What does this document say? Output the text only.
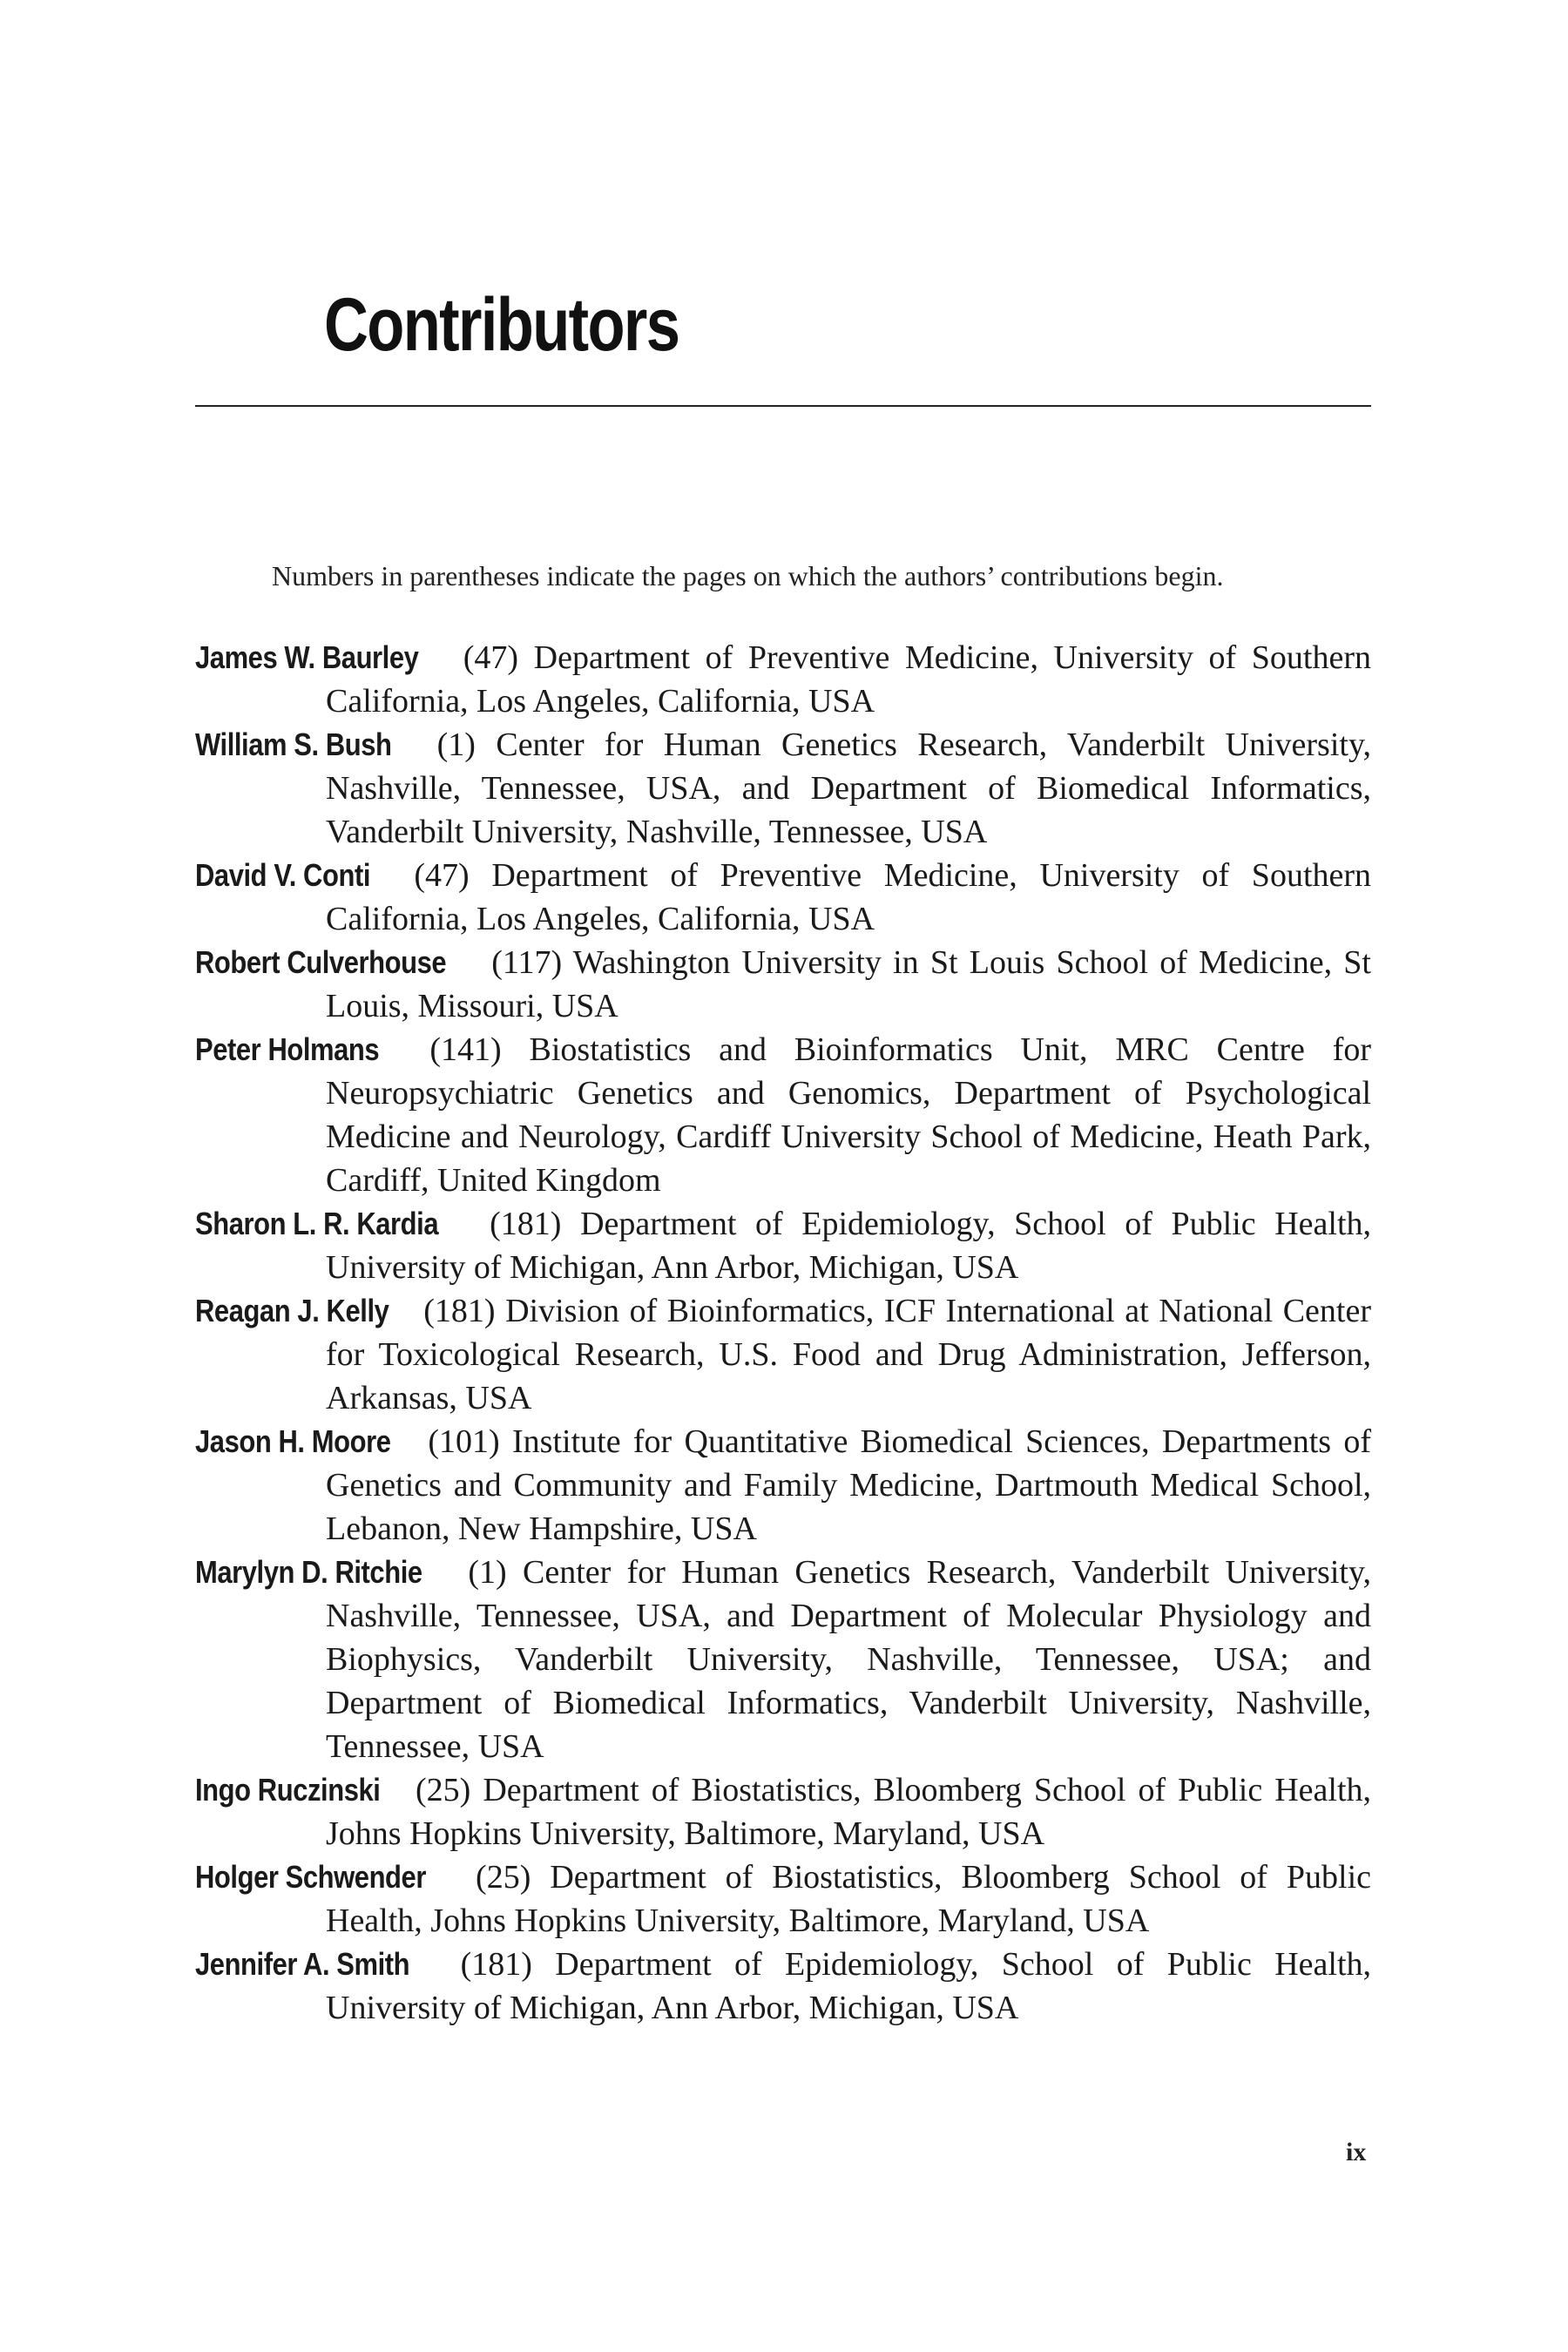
Contributors

Numbers in parentheses indicate the pages on which the authors’ contributions begin.

James W. Baurley (47) Department of Preventive Medicine, University of Southern California, Los Angeles, California, USA
William S. Bush (1) Center for Human Genetics Research, Vanderbilt University, Nashville, Tennessee, USA, and Department of Biomedical Informatics, Vanderbilt University, Nashville, Tennessee, USA
David V. Conti (47) Department of Preventive Medicine, University of Southern California, Los Angeles, California, USA
Robert Culverhouse (117) Washington University in St Louis School of Medicine, St Louis, Missouri, USA
Peter Holmans (141) Biostatistics and Bioinformatics Unit, MRC Centre for Neuropsychiatric Genetics and Genomics, Department of Psychological Medicine and Neurology, Cardiff University School of Medicine, Heath Park, Cardiff, United Kingdom
Sharon L. R. Kardia (181) Department of Epidemiology, School of Public Health, University of Michigan, Ann Arbor, Michigan, USA
Reagan J. Kelly (181) Division of Bioinformatics, ICF International at National Center for Toxicological Research, U.S. Food and Drug Administration, Jefferson, Arkansas, USA
Jason H. Moore (101) Institute for Quantitative Biomedical Sciences, Departments of Genetics and Community and Family Medicine, Dartmouth Medical School, Lebanon, New Hampshire, USA
Marylyn D. Ritchie (1) Center for Human Genetics Research, Vanderbilt University, Nashville, Tennessee, USA, and Department of Molecular Physiology and Biophysics, Vanderbilt University, Nashville, Tennessee, USA; and Department of Biomedical Informatics, Vanderbilt University, Nashville, Tennessee, USA
Ingo Ruczinski (25) Department of Biostatistics, Bloomberg School of Public Health, Johns Hopkins University, Baltimore, Maryland, USA
Holger Schwender (25) Department of Biostatistics, Bloomberg School of Public Health, Johns Hopkins University, Baltimore, Maryland, USA
Jennifer A. Smith (181) Department of Epidemiology, School of Public Health, University of Michigan, Ann Arbor, Michigan, USA

ix
